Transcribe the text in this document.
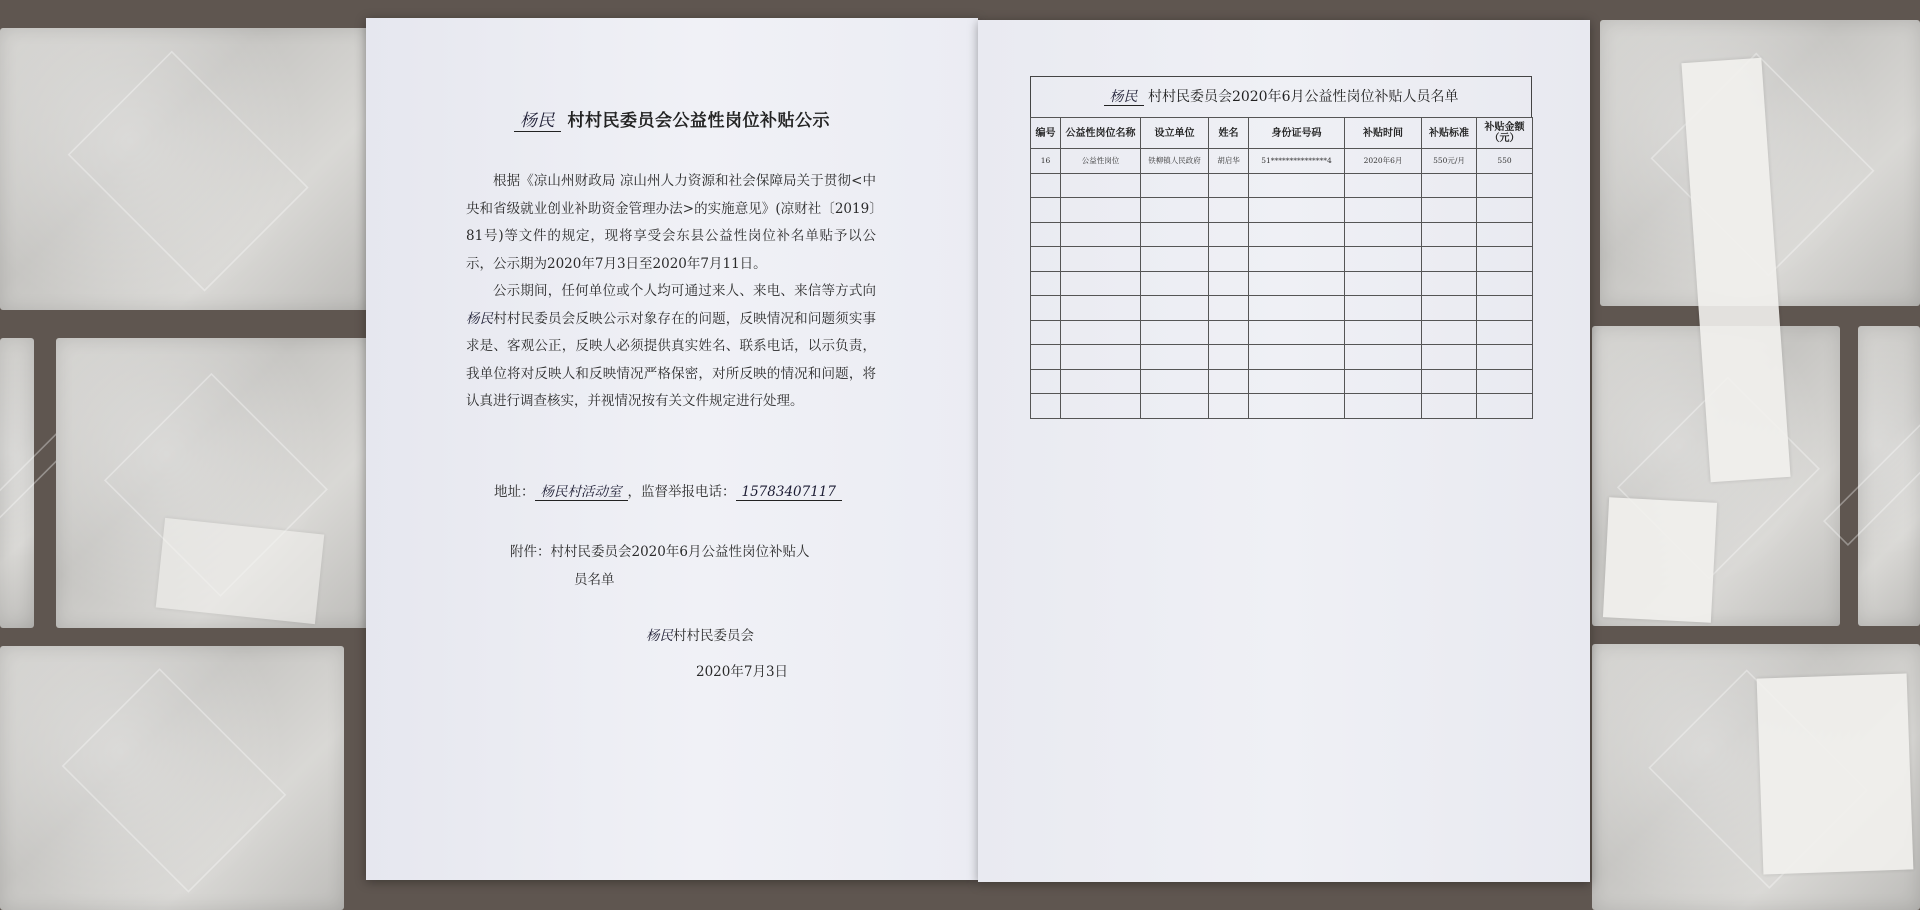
杨民 村村民委员会公益性岗位补贴公示

根据《凉山州财政局 凉山州人力资源和社会保障局关于贯彻<中央和省级就业创业补助资金管理办法>的实施意见》(凉财社〔2019〕81号)等文件的规定，现将享受会东县公益性岗位补名单贴予以公示，公示期为2020年7月3日至2020年7月11日。

公示期间，任何单位或个人均可通过来人、来电、来信等方式向杨民村村民委员会反映公示对象存在的问题，反映情况和问题须实事求是、客观公正，反映人必须提供真实姓名、联系电话，以示负责，我单位将对反映人和反映情况严格保密，对所反映的情况和问题，将认真进行调查核实，并视情况按有关文件规定进行处理。

地址： 杨民村活动室 ，监督举报电话： 15783407117
附件：村村民委员会2020年6月公益性岗位补贴人
员名单
杨民村村民委员会
2020年7月3日
杨民 村村民委员会2020年6月公益性岗位补贴人员名单
编号	公益性岗位名称	设立单位	姓名	身份证号码	补贴时间	补贴标准	补贴金额（元）
16	公益性岗位	铁柳镇人民政府	胡启华	51***************4	2020年6月	550元/月	550
